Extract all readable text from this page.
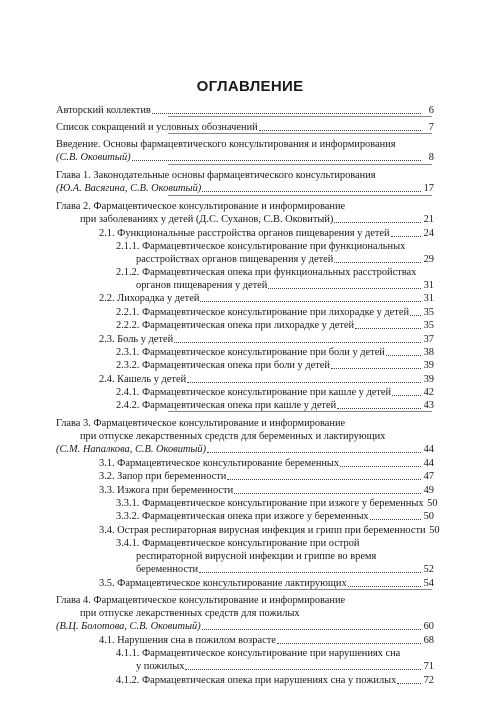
ОГЛАВЛЕНИЕ
Авторский коллектив	6
Список сокращений и условных обозначений	7
Введение. Основы фармацевтического консультирования и информирования
(С.В. Оковитый)	8
Глава 1. Законодательные основы фармацевтического консультирования
(Ю.А. Васягина, С.В. Оковитый)	17
Глава 2. Фармацевтическое консультирование и информирование
при заболеваниях у детей (Д.С. Суханов, С.В. Оковитый)	21
2.1. Функциональные расстройства органов пищеварения у детей	24
2.1.1. Фармацевтическое консультирование при функциональных
расстройствах органов пищеварения у детей	29
2.1.2. Фармацевтическая опека при функциональных расстройствах
органов пищеварения у детей	31
2.2. Лихорадка у детей	31
2.2.1. Фармацевтическое консультирование при лихорадке у детей 35
2.2.2. Фармацевтическая опека при лихорадке у детей	35
2.3. Боль у детей	37
2.3.1. Фармацевтическое консультирование при боли у детей	38
2.3.2. Фармацевтическая опека при боли у детей	39
2.4. Кашель у детей	39
2.4.1. Фармацевтическое консультирование при кашле у детей	42
2.4.2. Фармацевтическая опека при кашле у детей	43
Глава 3. Фармацевтическое консультирование и информирование
при отпуске лекарственных средств для беременных и лактирующих
(С.М. Напалкова, С.В. Оковитый)	44
3.1. Фармацевтическое консультирование беременных	44
3.2. Запор при беременности	47
3.3. Изжога при беременности	49
3.3.1. Фармацевтическое консультирование при изжоге у беременных 50
3.3.2. Фармацевтическая опека при изжоге у беременных	50
3.4. Острая респираторная вирусная инфекция и грипп при беременности 50
3.4.1. Фармацевтическое консультирование при острой
респираторной вирусной инфекции и гриппе во время
беременности	52
3.5. Фармацевтическое консультирование лактирующих	54
Глава 4. Фармацевтическое консультирование и информирование
при отпуске лекарственных средств для пожилых
(В.Ц. Болотова, С.В. Оковитый)	60
4.1. Нарушения сна в пожилом возрасте	68
4.1.1. Фармацевтическое консультирование при нарушениях сна
у пожилых	71
4.1.2. Фармацевтическая опека при нарушениях сна у пожилых	72
